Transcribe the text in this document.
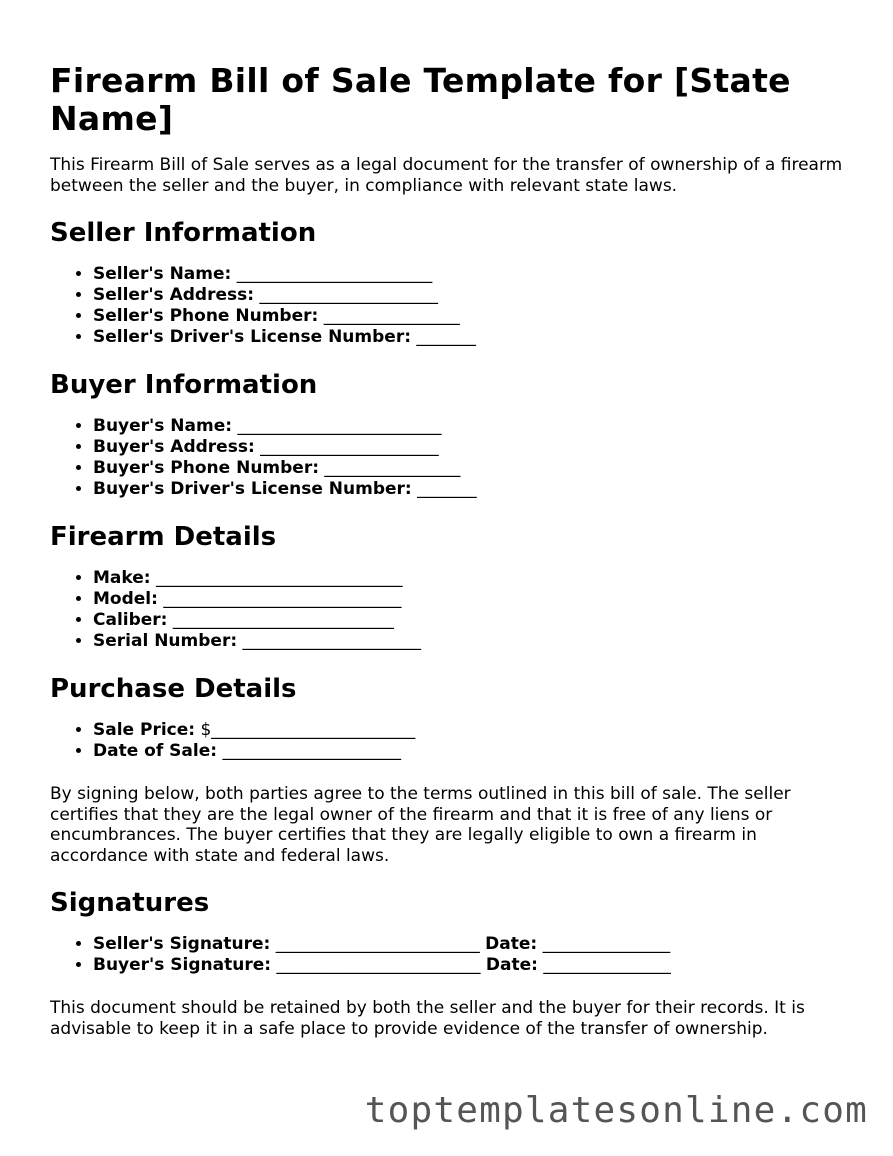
Firearm Bill of Sale Template for [State Name]

This Firearm Bill of Sale serves as a legal document for the transfer of ownership of a firearm between the seller and the buyer, in compliance with relevant state laws.

Seller Information
• Seller's Name: _______________________
• Seller's Address: _____________________
• Seller's Phone Number: ________________
• Seller's Driver's License Number: _______
Buyer Information
• Buyer's Name: ________________________
• Buyer's Address: _____________________
• Buyer's Phone Number: ________________
• Buyer's Driver's License Number: _______
Firearm Details
• Make: _____________________________
• Model: ____________________________
• Caliber: __________________________
• Serial Number: _____________________
Purchase Details
• Sale Price: $________________________
• Date of Sale: _____________________

By signing below, both parties agree to the terms outlined in this bill of sale. The seller certifies that they are the legal owner of the firearm and that it is free of any liens or encumbrances. The buyer certifies that they are legally eligible to own a firearm in accordance with state and federal laws.

Signatures
• Seller's Signature: ________________________ Date: _______________
• Buyer's Signature: ________________________ Date: _______________

This document should be retained by both the seller and the buyer for their records. It is advisable to keep it in a safe place to provide evidence of the transfer of ownership.

toptemplatesonline.com
